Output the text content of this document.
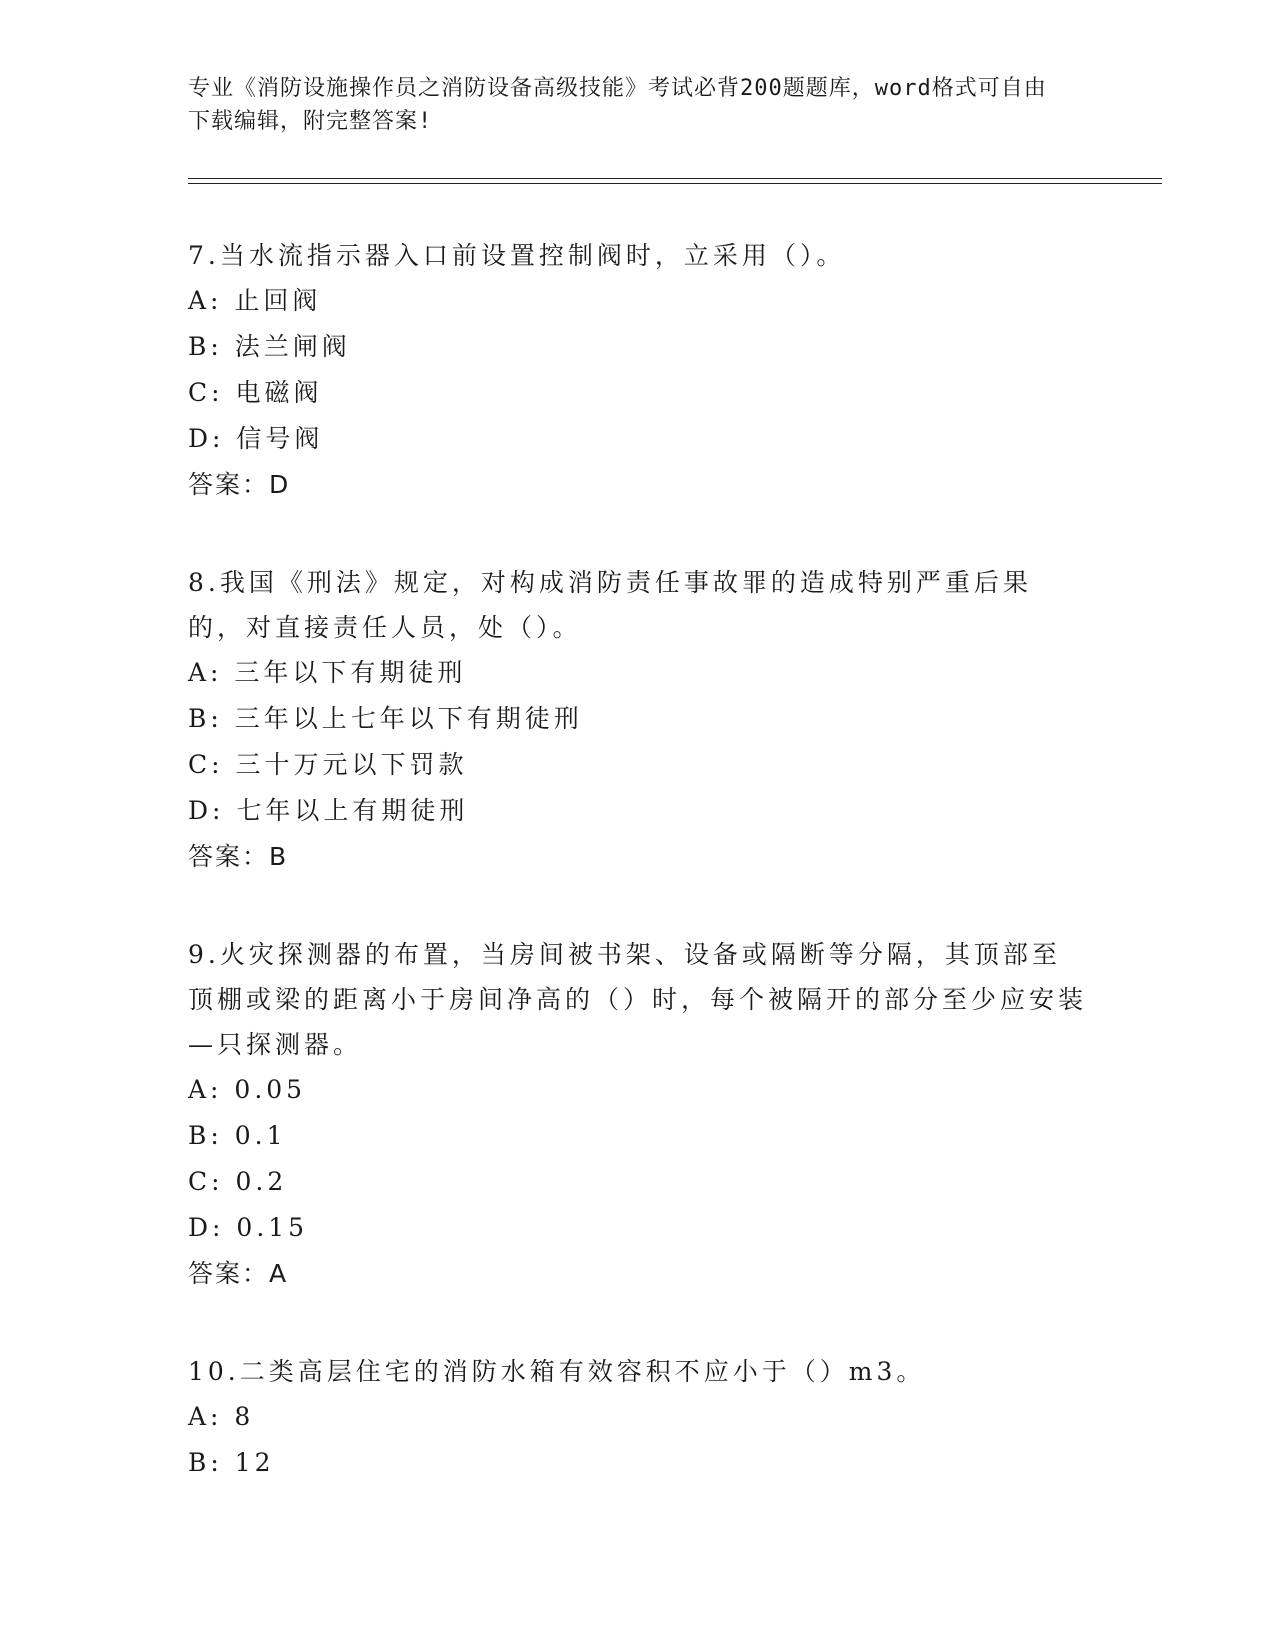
专业《消防设施操作员之消防设备高级技能》考试必背200题题库，word格式可自由下载编辑，附完整答案!
7.当水流指示器入口前设置控制阀时，立采用（）。
A: 止回阀
B: 法兰闸阀
C: 电磁阀
D: 信号阀
答案：D
8.我国《刑法》规定，对构成消防责任事故罪的造成特别严重后果的，对直接责任人员，处（）。
A: 三年以下有期徒刑
B: 三年以上七年以下有期徒刑
C: 三十万元以下罚款
D: 七年以上有期徒刑
答案：B
9.火灾探测器的布置，当房间被书架、设备或隔断等分隔，其顶部至顶棚或梁的距离小于房间净高的（）时，每个被隔开的部分至少应安装—只探测器。
A: 0.05
B: 0.1
C: 0.2
D: 0.15
答案：A
10.二类高层住宅的消防水箱有效容积不应小于（）m3。
A: 8
B: 12
